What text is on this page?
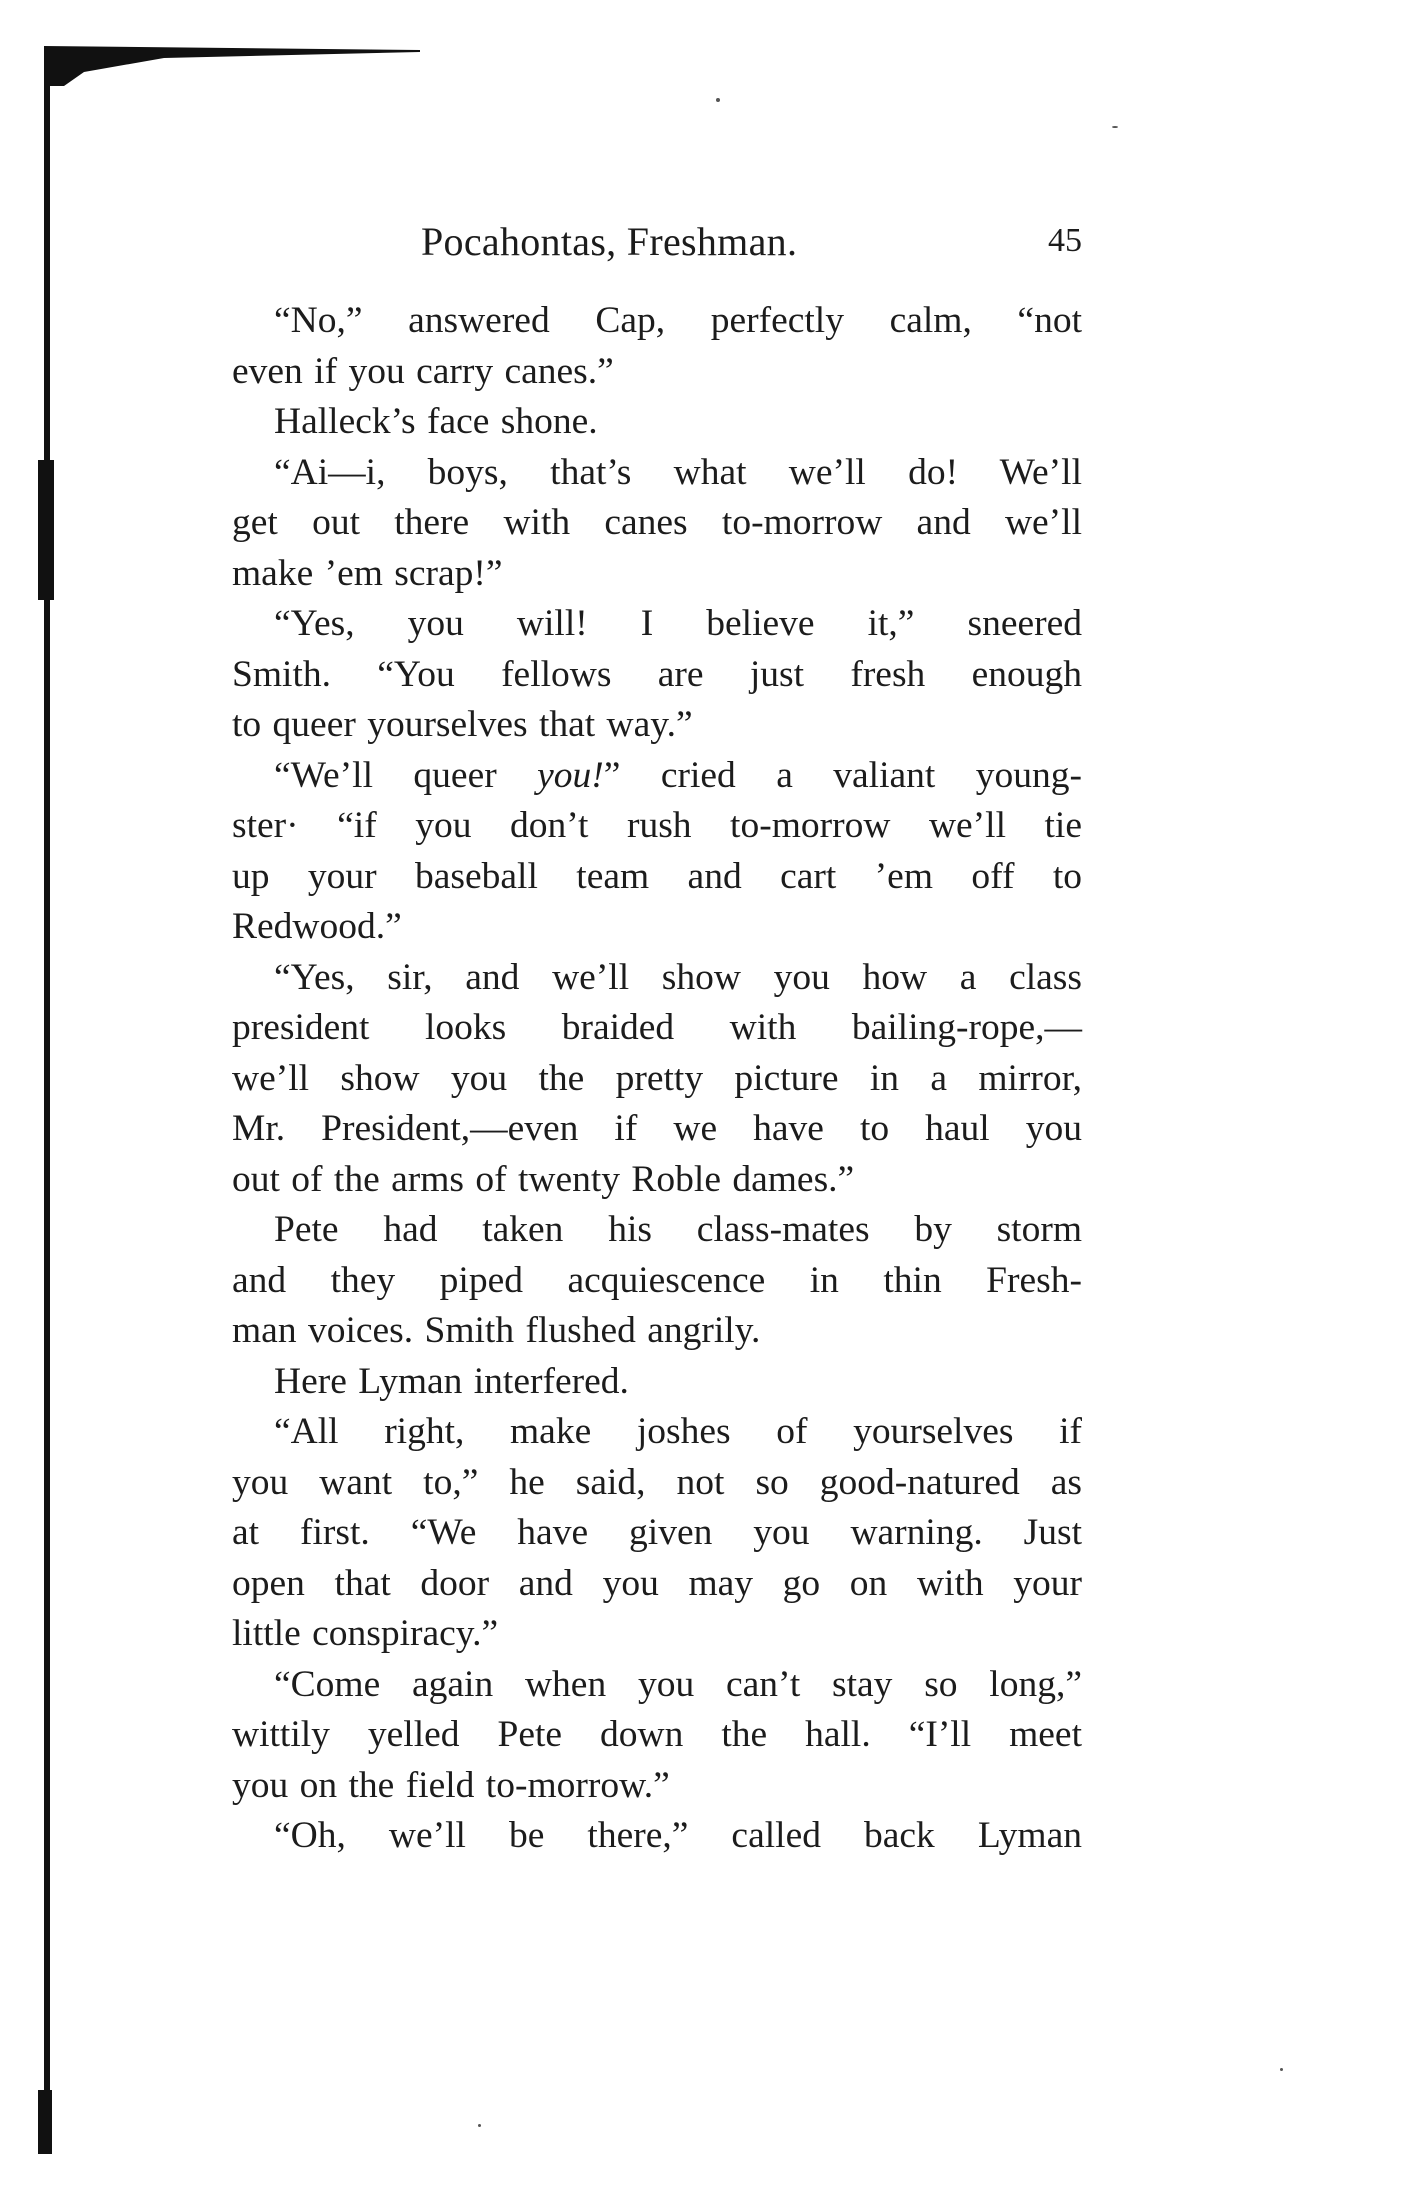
Pocahontas, Freshman.	45
“No,” answered Cap, perfectly calm, “not
even if you carry canes.”
Halleck’s face shone.
“Ai—i, boys, that’s what we’ll do! We’ll
get out there with canes to-morrow and we’ll
make ’em scrap!”
“Yes, you will! I believe it,” sneered
Smith. “You fellows are just fresh enough
to queer yourselves that way.”
“We’ll queer you!” cried a valiant young-
ster· “if you don’t rush to-morrow we’ll tie
up your baseball team and cart ’em off to
Redwood.”
“Yes, sir, and we’ll show you how a class
president looks braided with bailing-rope,—
we’ll show you the pretty picture in a mirror,
Mr. President,—even if we have to haul you
out of the arms of twenty Roble dames.”
Pete had taken his class-mates by storm
and they piped acquiescence in thin Fresh-
man voices. Smith flushed angrily.
Here Lyman interfered.
“All right, make joshes of yourselves if
you want to,” he said, not so good-natured as
at first. “We have given you warning. Just
open that door and you may go on with your
little conspiracy.”
“Come again when you can’t stay so long,”
wittily yelled Pete down the hall. “I’ll meet
you on the field to-morrow.”
“Oh, we’ll be there,” called back Lyman
